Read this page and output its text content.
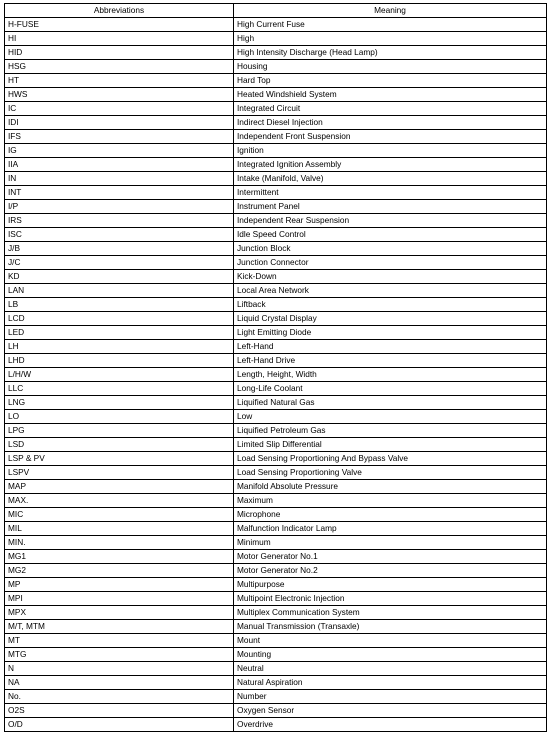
Abbreviations	Meaning
H-FUSE	High Current Fuse
HI	High
HID	High Intensity Discharge (Head Lamp)
HSG	Housing
HT	Hard Top
HWS	Heated Windshield System
IC	Integrated Circuit
IDI	Indirect Diesel Injection
IFS	Independent Front Suspension
IG	Ignition
IIA	Integrated Ignition Assembly
IN	Intake (Manifold, Valve)
INT	Intermittent
I/P	Instrument Panel
IRS	Independent Rear Suspension
ISC	Idle Speed Control
J/B	Junction Block
J/C	Junction Connector
KD	Kick-Down
LAN	Local Area Network
LB	Liftback
LCD	Liquid Crystal Display
LED	Light Emitting Diode
LH	Left-Hand
LHD	Left-Hand Drive
L/H/W	Length, Height, Width
LLC	Long-Life Coolant
LNG	Liquified Natural Gas
LO	Low
LPG	Liquified Petroleum Gas
LSD	Limited Slip Differential
LSP & PV	Load Sensing Proportioning And Bypass Valve
LSPV	Load Sensing Proportioning Valve
MAP	Manifold Absolute Pressure
MAX.	Maximum
MIC	Microphone
MIL	Malfunction Indicator Lamp
MIN.	Minimum
MG1	Motor Generator No.1
MG2	Motor Generator No.2
MP	Multipurpose
MPI	Multipoint Electronic Injection
MPX	Multiplex Communication System
M/T, MTM	Manual Transmission (Transaxle)
MT	Mount
MTG	Mounting
N	Neutral
NA	Natural Aspiration
No.	Number
O2S	Oxygen Sensor
O/D	Overdrive
